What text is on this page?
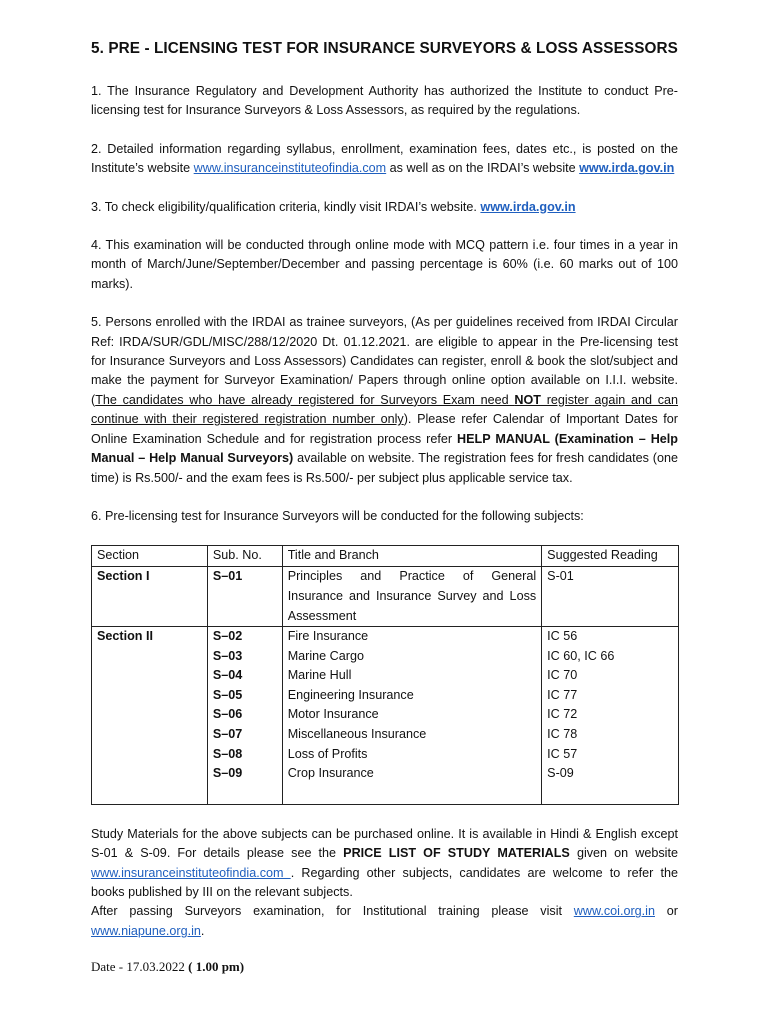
5. PRE - LICENSING TEST FOR INSURANCE SURVEYORS & LOSS ASSESSORS
1. The Insurance Regulatory and Development Authority has authorized the Institute to conduct Pre-licensing test for Insurance Surveyors & Loss Assessors, as required by the regulations.
2. Detailed information regarding syllabus, enrollment, examination fees, dates etc., is posted on the Institute’s website www.insuranceinstituteofindia.com as well as on the IRDAI’s website www.irda.gov.in
3. To check eligibility/qualification criteria, kindly visit IRDAI’s website. www.irda.gov.in
4. This examination will be conducted through online mode with MCQ pattern i.e. four times in a year in month of March/June/September/December and passing percentage is 60% (i.e. 60 marks out of 100 marks).
5. Persons enrolled with the IRDAI as trainee surveyors, (As per guidelines received from IRDAI Circular Ref: IRDA/SUR/GDL/MISC/288/12/2020 Dt. 01.12.2021. are eligible to appear in the Pre-licensing test for Insurance Surveyors and Loss Assessors) Candidates can register, enroll & book the slot/subject and make the payment for Surveyor Examination/ Papers through online option available on I.I.I. website. (The candidates who have already registered for Surveyors Exam need NOT register again and can continue with their registered registration number only). Please refer Calendar of Important Dates for Online Examination Schedule and for registration process refer HELP MANUAL (Examination – Help Manual – Help Manual Surveyors) available on website. The registration fees for fresh candidates (one time) is Rs.500/- and the exam fees is Rs.500/- per subject plus applicable service tax.
6. Pre-licensing test for Insurance Surveyors will be conducted for the following subjects:
Section	Sub. No.	Title and Branch	Suggested Reading
Section I	S–01	Principles and Practice of General Insurance and Insurance Survey and Loss Assessment	S-01
Section II	S–02	Fire Insurance	IC 56
	S–03	Marine Cargo	IC 60, IC 66
	S–04	Marine Hull	IC 70
	S–05	Engineering Insurance	IC 77
	S–06	Motor Insurance	IC 72
	S–07	Miscellaneous Insurance	IC 78
	S–08	Loss of Profits	IC 57
	S–09	Crop Insurance	S-09

Study Materials for the above subjects can be purchased online. It is available in Hindi & English except S-01 & S-09. For details please see the PRICE LIST OF STUDY MATERIALS given on website www.insuranceinstituteofindia.com . Regarding other subjects, candidates are welcome to refer the books published by III on the relevant subjects.
After passing Surveyors examination, for Institutional training please visit www.coi.org.in or www.niapune.org.in.
Date - 17.03.2022 ( 1.00 pm)
